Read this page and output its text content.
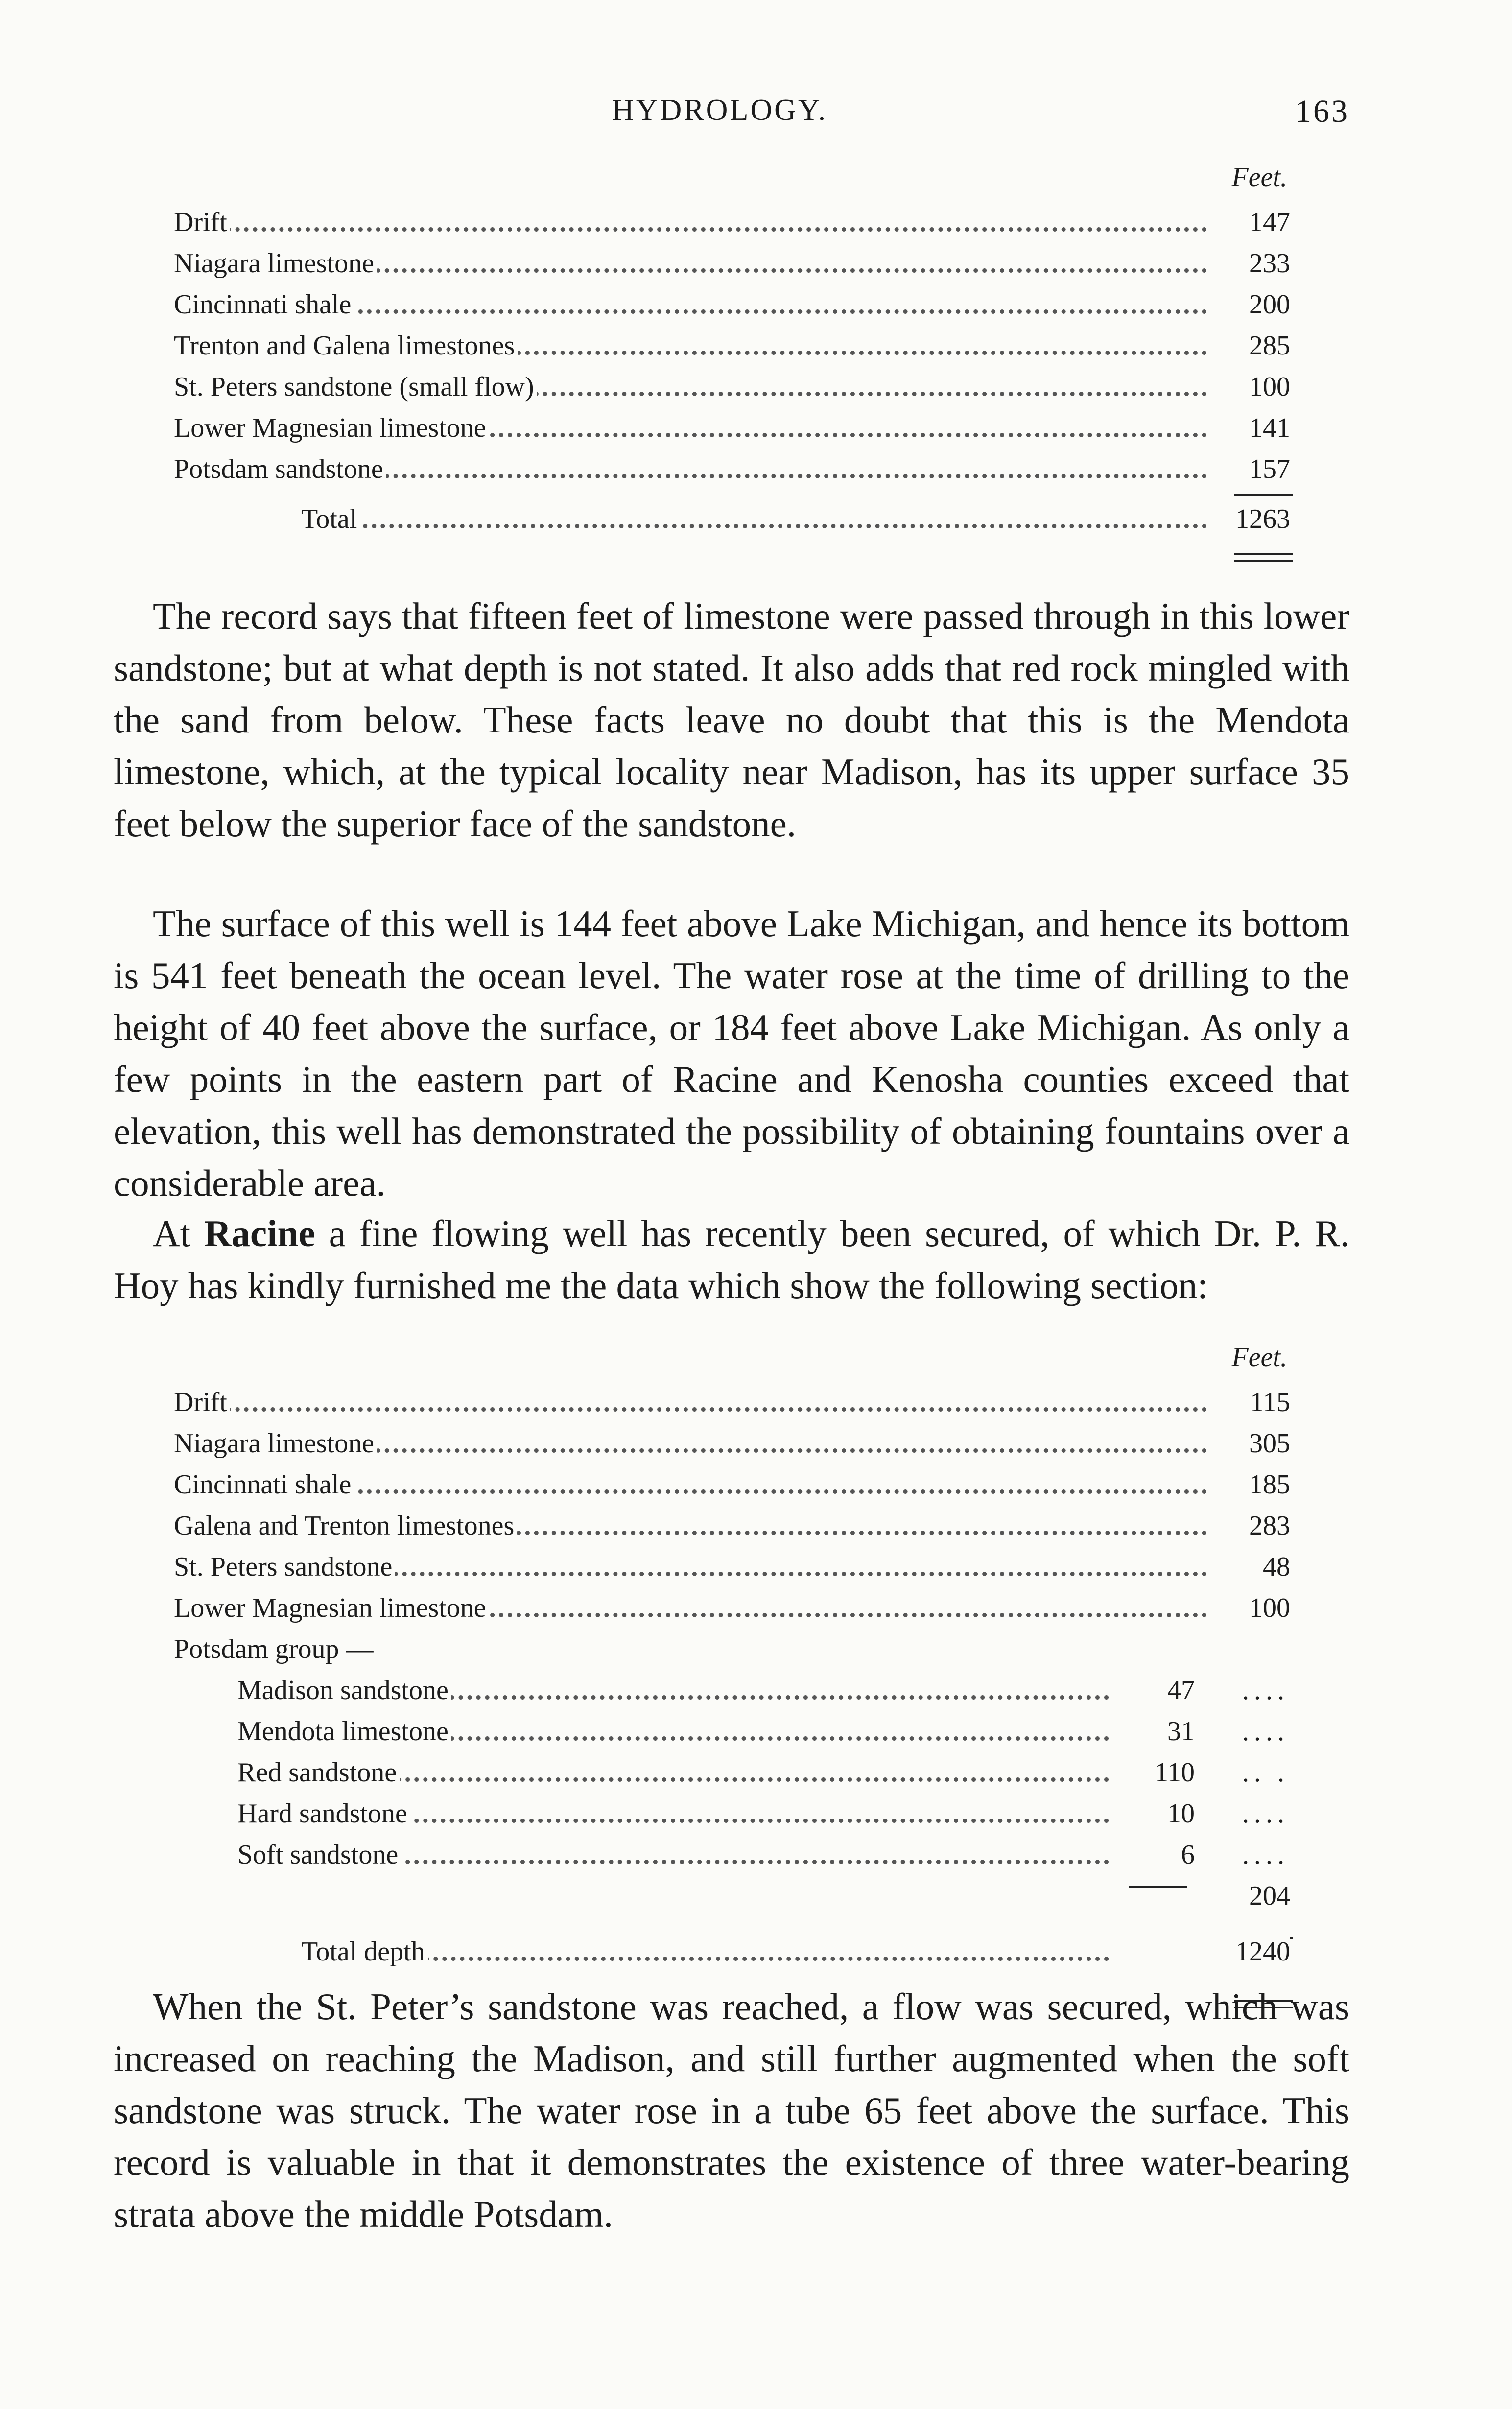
HYDROLOGY.	163
Feet.
Drift	147
Niagara limestone	233
Cincinnati shale	200
Trenton and Galena limestones	285
St. Peters sandstone (small flow)	100
Lower Magnesian limestone	141
Potsdam sandstone	157
Total	1263

The record says that fifteen feet of limestone were passed through in this lower sandstone; but at what depth is not stated. It also adds that red rock mingled with the sand from below. These facts leave no doubt that this is the Mendota limestone, which, at the typical locality near Madison, has its upper surface 35 feet below the superior face of the sandstone.

The surface of this well is 144 feet above Lake Michigan, and hence its bottom is 541 feet beneath the ocean level. The water rose at the time of drilling to the height of 40 feet above the surface, or 184 feet above Lake Michigan. As only a few points in the eastern part of Racine and Kenosha counties exceed that elevation, this well has demonstrated the possibility of obtaining fountains over a considerable area.

At Racine a fine flowing well has recently been secured, of which Dr. P. R. Hoy has kindly furnished me the data which show the following section:

Feet.
Drift	115
Niagara limestone	305
Cincinnati shale	185
Galena and Trenton limestones	283
St. Peters sandstone	48
Lower Magnesian limestone	100
Potsdam group —
Madison sandstone	47 ....
Mendota limestone	31 ....
Red sandstone	110 .. .
Hard sandstone	10 ....
Soft sandstone	6 ....
204
Total depth	1240

When the St. Peter’s sandstone was reached, a flow was secured, which was increased on reaching the Madison, and still further augmented when the soft sandstone was struck. The water rose in a tube 65 feet above the surface. This record is valuable in that it demonstrates the existence of three water-bearing strata above the middle Potsdam.
